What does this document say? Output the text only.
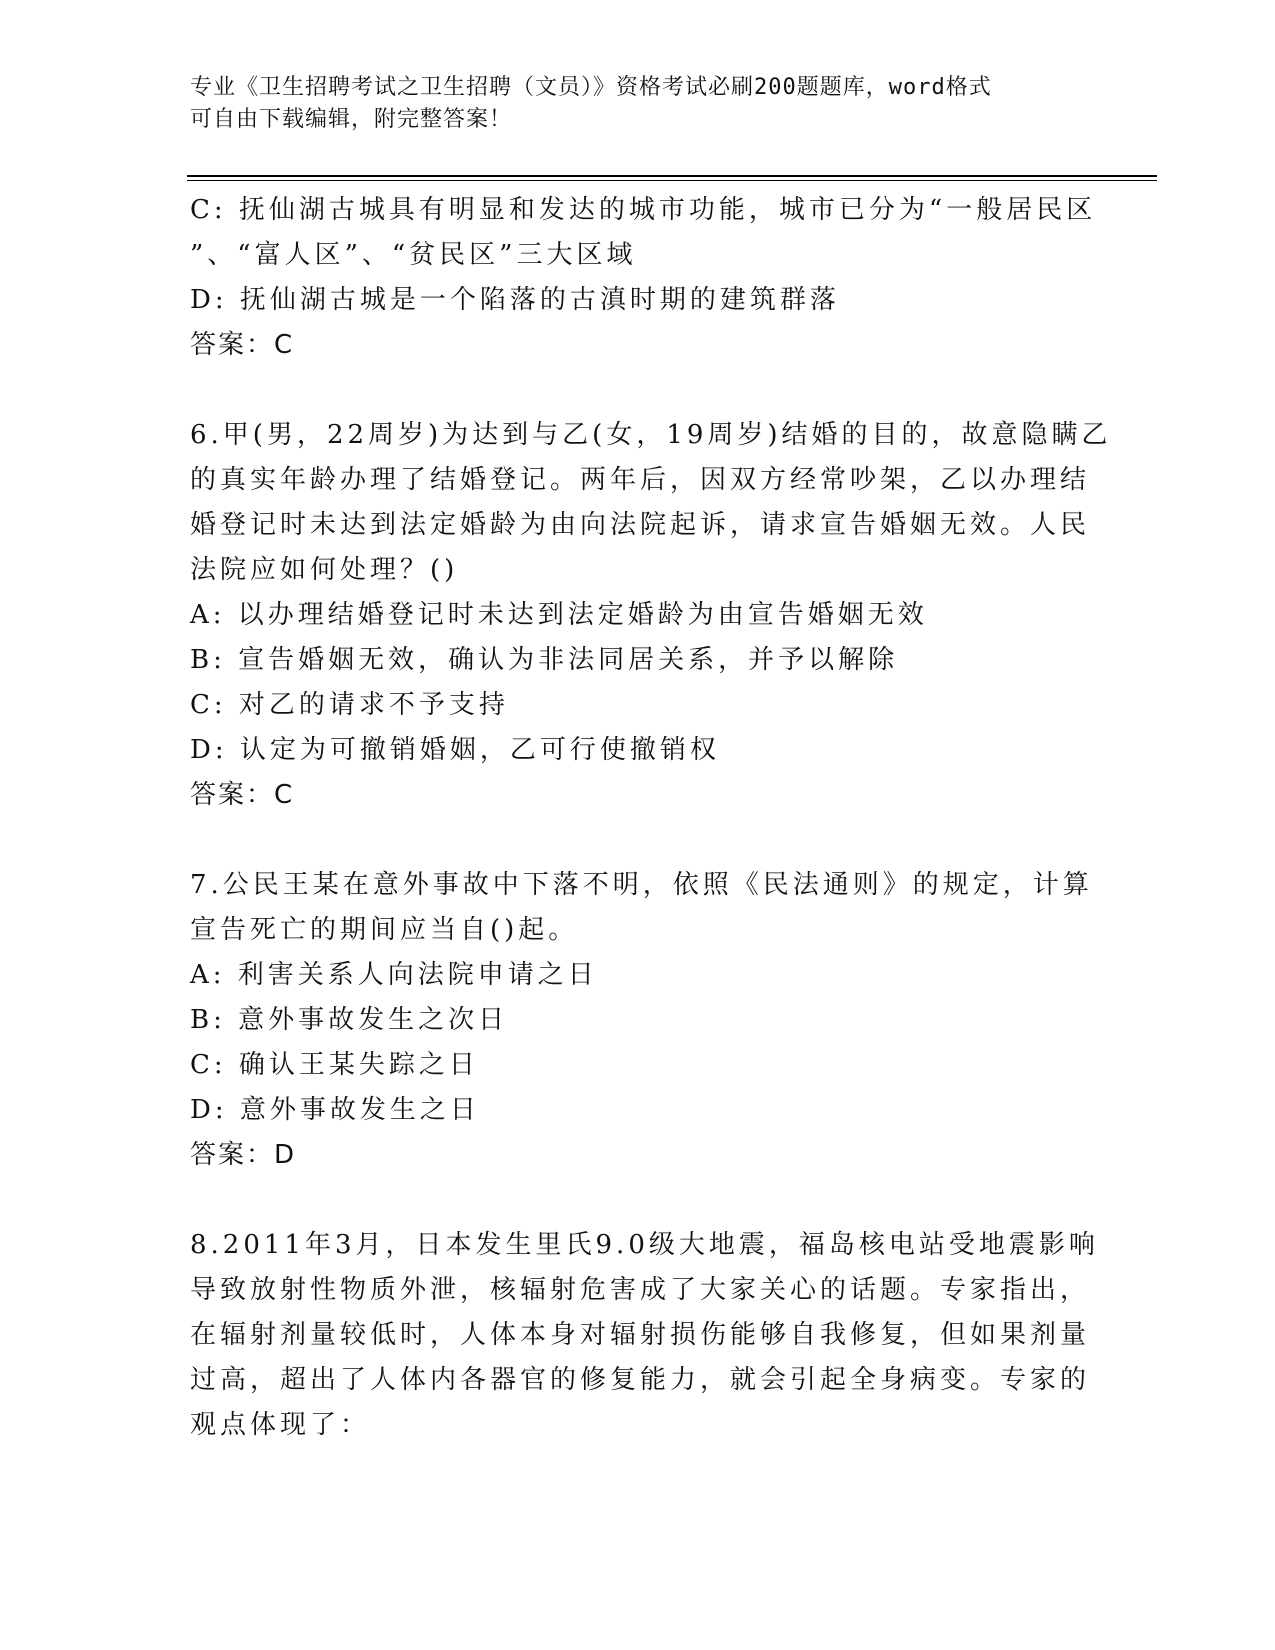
专业《卫生招聘考试之卫生招聘（文员）》资格考试必刷200题题库，word格式
可自由下载编辑，附完整答案！
C: 抚仙湖古城具有明显和发达的城市功能，城市已分为“一般居民区
”、“富人区”、“贫民区”三大区域
D: 抚仙湖古城是一个陷落的古滇时期的建筑群落
答案：C
6.甲(男，22周岁)为达到与乙(女，19周岁)结婚的目的，故意隐瞒乙
的真实年龄办理了结婚登记。两年后，因双方经常吵架，乙以办理结
婚登记时未达到法定婚龄为由向法院起诉，请求宣告婚姻无效。人民
法院应如何处理？()
A: 以办理结婚登记时未达到法定婚龄为由宣告婚姻无效
B: 宣告婚姻无效，确认为非法同居关系，并予以解除
C: 对乙的请求不予支持
D: 认定为可撤销婚姻，乙可行使撤销权
答案：C
7.公民王某在意外事故中下落不明，依照《民法通则》的规定，计算
宣告死亡的期间应当自()起。
A: 利害关系人向法院申请之日
B: 意外事故发生之次日
C: 确认王某失踪之日
D: 意外事故发生之日
答案：D
8.2011年3月，日本发生里氏9.0级大地震，福岛核电站受地震影响
导致放射性物质外泄，核辐射危害成了大家关心的话题。专家指出，
在辐射剂量较低时，人体本身对辐射损伤能够自我修复，但如果剂量
过高，超出了人体内各器官的修复能力，就会引起全身病变。专家的
观点体现了：
